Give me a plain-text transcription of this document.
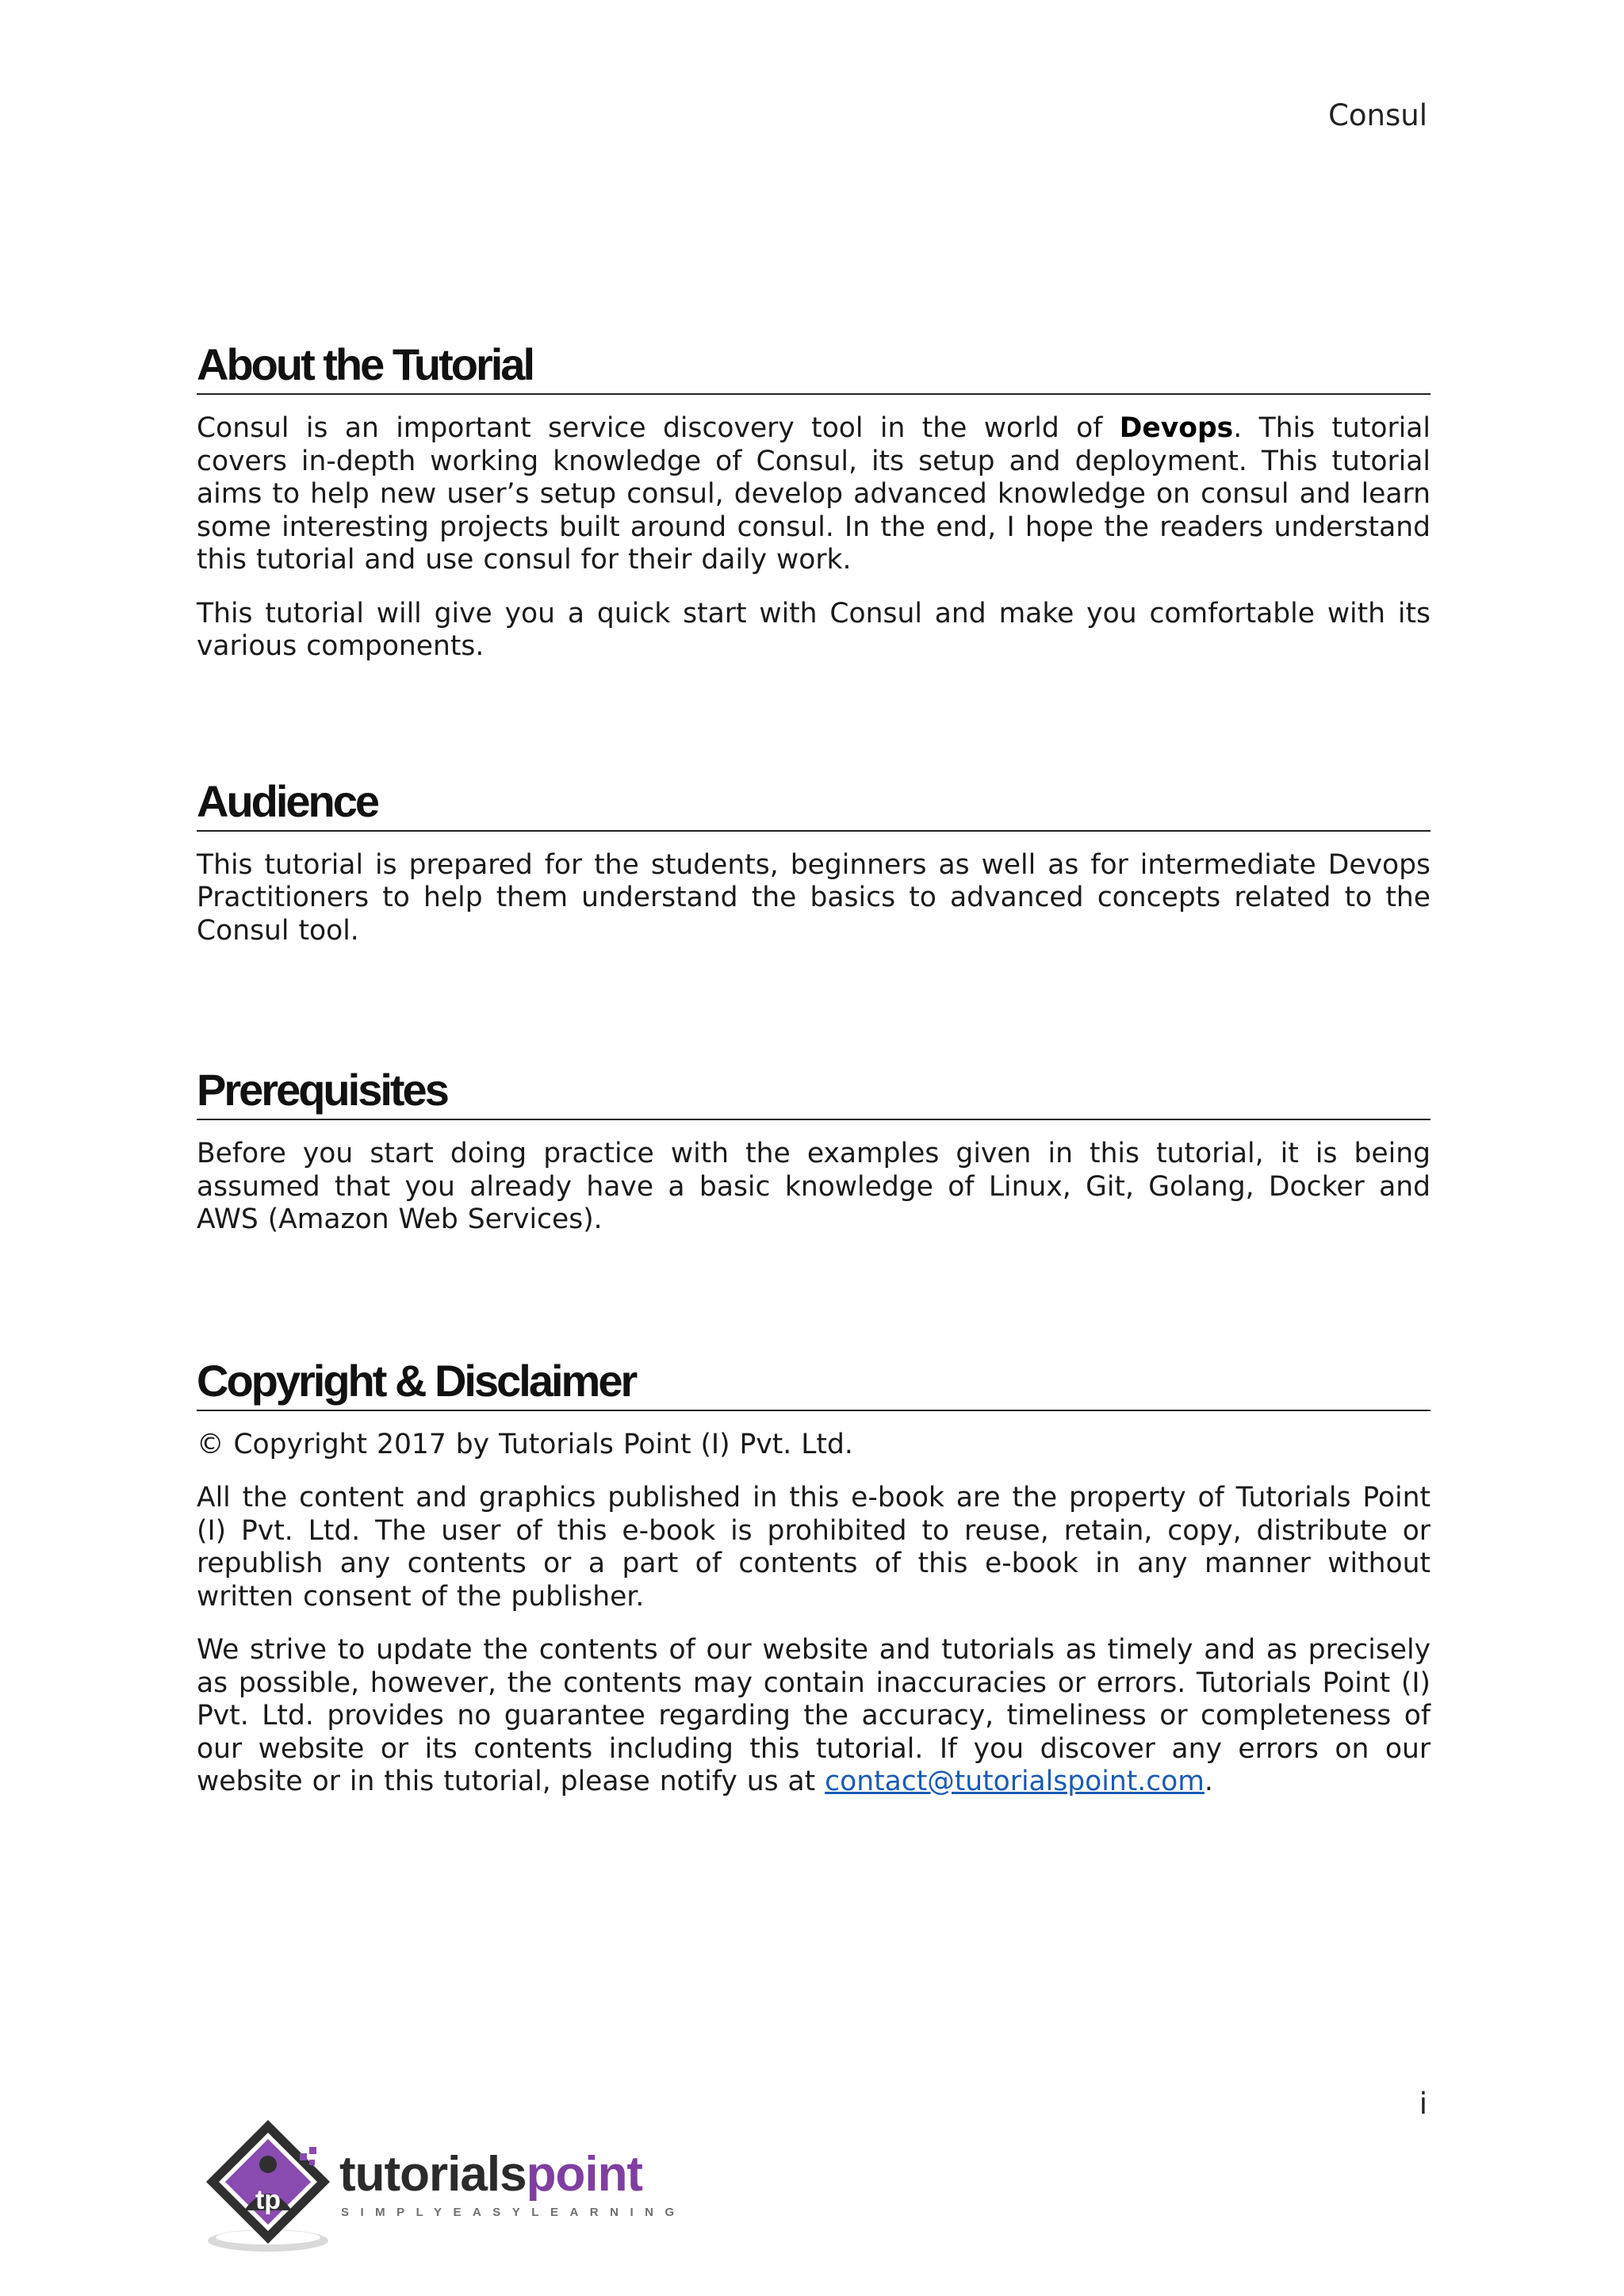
Consul
About the Tutorial

Consul is an important service discovery tool in the world of Devops. This tutorial covers in-depth working knowledge of Consul, its setup and deployment. This tutorial aims to help new user’s setup consul, develop advanced knowledge on consul and learn some interesting projects built around consul. In the end, I hope the readers understand this tutorial and use consul for their daily work.

This tutorial will give you a quick start with Consul and make you comfortable with its various components.

Audience

This tutorial is prepared for the students, beginners as well as for intermediate Devops Practitioners to help them understand the basics to advanced concepts related to the Consul tool.

Prerequisites

Before you start doing practice with the examples given in this tutorial, it is being assumed that you already have a basic knowledge of Linux, Git, Golang, Docker and AWS (Amazon Web Services).

Copyright & Disclaimer

© Copyright 2017 by Tutorials Point (I) Pvt. Ltd.

All the content and graphics published in this e-book are the property of Tutorials Point (I) Pvt. Ltd. The user of this e-book is prohibited to reuse, retain, copy, distribute or republish any contents or a part of contents of this e-book in any manner without written consent of the publisher.

We strive to update the contents of our website and tutorials as timely and as precisely as possible, however, the contents may contain inaccuracies or errors. Tutorials Point (I) Pvt. Ltd. provides no guarantee regarding the accuracy, timeliness or completeness of our website or its contents including this tutorial. If you discover any errors on our website or in this tutorial, please notify us at contact@tutorialspoint.com.

i
tp tutorialspoint
SIMPLYEASYLEARNING
